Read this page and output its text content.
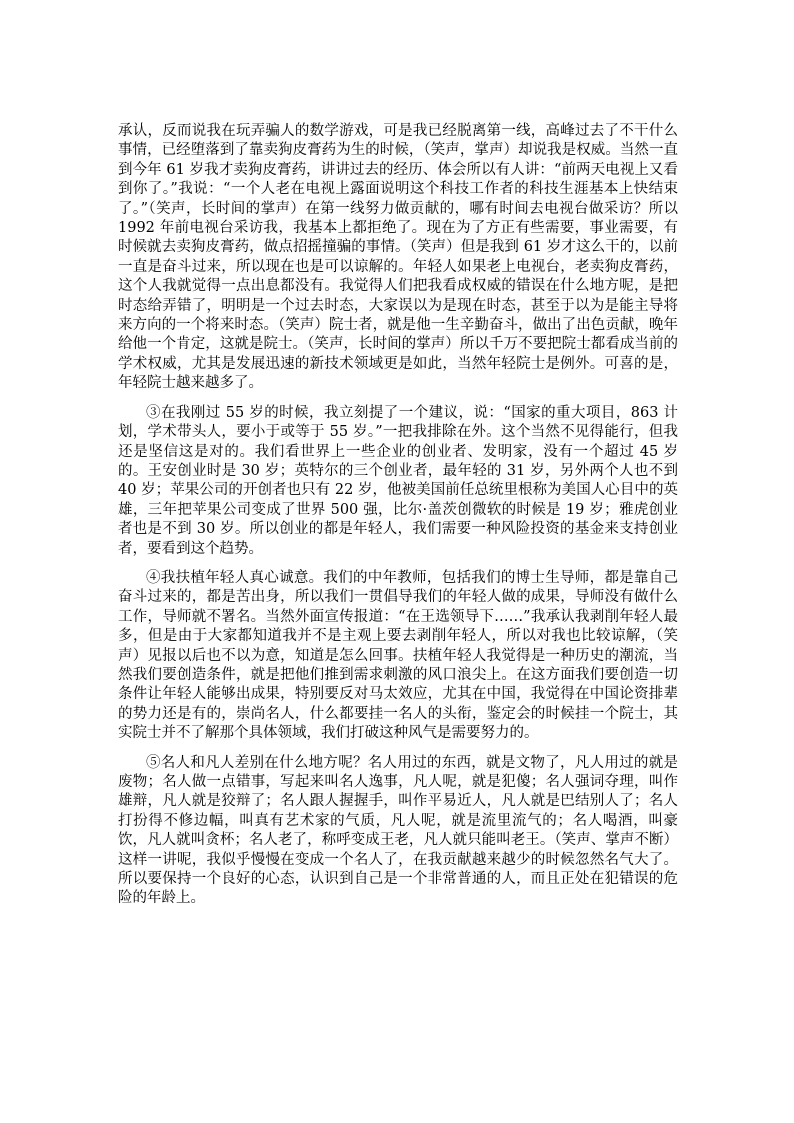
承认，反而说我在玩弄骗人的数学游戏，可是我已经脱离第一线，高峰过去了不干什么事情，已经堕落到了靠卖狗皮膏药为生的时候，（笑声，掌声）却说我是权威。当然一直到今年 61 岁我才卖狗皮膏药，讲讲过去的经历、体会所以有人讲：“前两天电视上又看到你了。”我说：“一个人老在电视上露面说明这个科技工作者的科技生涯基本上快结束了。”（笑声，长时间的掌声）在第一线努力做贡献的，哪有时间去电视台做采访？所以 1992 年前电视台采访我，我基本上都拒绝了。现在为了方正有些需要，事业需要，有时候就去卖狗皮膏药，做点招摇撞骗的事情。（笑声）但是我到 61 岁才这么干的，以前一直是奋斗过来，所以现在也是可以谅解的。年轻人如果老上电视台，老卖狗皮膏药，这个人我就觉得一点出息都没有。我觉得人们把我看成权威的错误在什么地方呢，是把时态给弄错了，明明是一个过去时态，大家误以为是现在时态，甚至于以为是能主导将来方向的一个将来时态。（笑声）院士者，就是他一生辛勤奋斗，做出了出色贡献，晚年给他一个肯定，这就是院士。（笑声，长时间的掌声）所以千万不要把院士都看成当前的学术权威，尤其是发展迅速的新技术领域更是如此，当然年轻院士是例外。可喜的是，年轻院士越来越多了。

③在我刚过 55 岁的时候，我立刻提了一个建议，说：“国家的重大项目，863 计划，学术带头人，要小于或等于 55 岁。”一把我排除在外。这个当然不见得能行，但我还是坚信这是对的。我们看世界上一些企业的创业者、发明家，没有一个超过 45 岁的。王安创业时是 30 岁；英特尔的三个创业者，最年轻的 31 岁，另外两个人也不到 40 岁；苹果公司的开创者也只有 22 岁，他被美国前任总统里根称为美国人心目中的英雄，三年把苹果公司变成了世界 500 强，比尔·盖茨创微软的时候是 19 岁；雅虎创业者也是不到 30 岁。所以创业的都是年轻人，我们需要一种风险投资的基金来支持创业者，要看到这个趋势。

④我扶植年轻人真心诚意。我们的中年教师，包括我们的博士生导师，都是靠自己奋斗过来的，都是苦出身，所以我们一贯倡导我们的年轻人做的成果，导师没有做什么工作，导师就不署名。当然外面宣传报道：“在王选领导下……”我承认我剥削年轻人最多，但是由于大家都知道我并不是主观上要去剥削年轻人，所以对我也比较谅解，（笑声）见报以后也不以为意，知道是怎么回事。扶植年轻人我觉得是一种历史的潮流，当然我们要创造条件，就是把他们推到需求刺激的风口浪尖上。在这方面我们要创造一切条件让年轻人能够出成果，特别要反对马太效应，尤其在中国，我觉得在中国论资排辈的势力还是有的，崇尚名人，什么都要挂一名人的头衔，鉴定会的时候挂一个院士，其实院士并不了解那个具体领域，我们打破这种风气是需要努力的。

⑤名人和凡人差别在什么地方呢？名人用过的东西，就是文物了，凡人用过的就是废物；名人做一点错事，写起来叫名人逸事，凡人呢，就是犯傻；名人强词夺理，叫作雄辩，凡人就是狡辩了；名人跟人握握手，叫作平易近人，凡人就是巴结别人了；名人打扮得不修边幅，叫真有艺术家的气质，凡人呢，就是流里流气的；名人喝酒，叫豪饮，凡人就叫贪杯；名人老了，称呼变成王老，凡人就只能叫老王。（笑声、掌声不断）这样一讲呢，我似乎慢慢在变成一个名人了，在我贡献越来越少的时候忽然名气大了。所以要保持一个良好的心态，认识到自己是一个非常普通的人，而且正处在犯错误的危险的年龄上。
